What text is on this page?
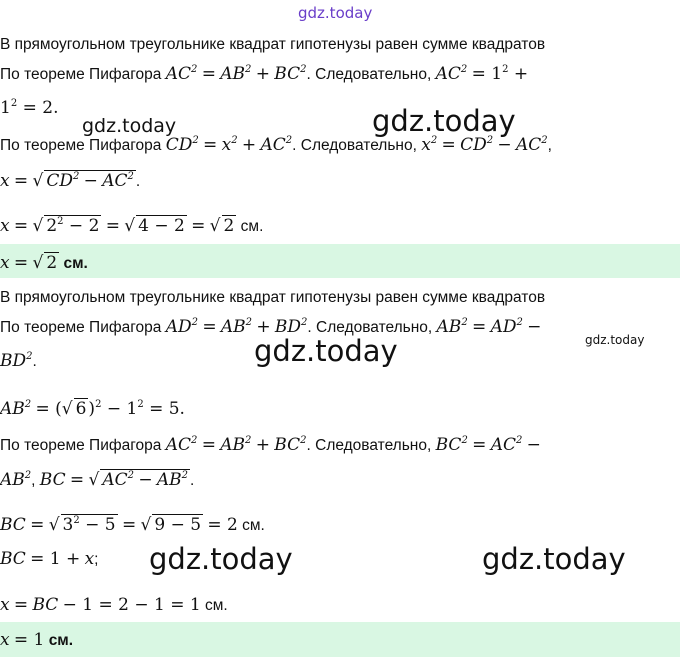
gdz.today
gdz.today	gdz.today
gdz.today	gdz.today
gdz.today	gdz.today
В прямоугольном треугольнике квадрат гипотенузы равен сумме квадратов
По теореме Пифагора $AC^2 = AB^2 + BC^2$. Следовательно, $AC^2 = 1^2$ +
$1^2 = 2$.
По теореме Пифагора $CD^2 = x^2 + AC^2$. Следовательно, $x^2 = CD^2 - AC^2$,
x = √ $CD^2 - AC^2$ .
x = √ $2^2 - 2$ = √ 4 − 2 = √ 2 см.
x = √ 2 см.
В прямоугольном треугольнике квадрат гипотенузы равен сумме квадратов
По теореме Пифагора $AD^2 = AB^2 + BD^2$. Следовательно, $AB^2 = AD^2$ −
$BD^2$.
$AB^2$ = (√ 6 )$^2 - 1^2 = 5$.
По теореме Пифагора $AC^2 = AB^2 + BC^2$. Следовательно, $BC^2 = AC^2$ −
$AB^2$, BC = √ $AC^2 - AB^2$ .
BC = √ $3^2 - 5$ = √ 9 − 5 = 2 см.
BC = 1 + x;
x = BC − 1 = 2 − 1 = 1 см.
x = 1 см.
